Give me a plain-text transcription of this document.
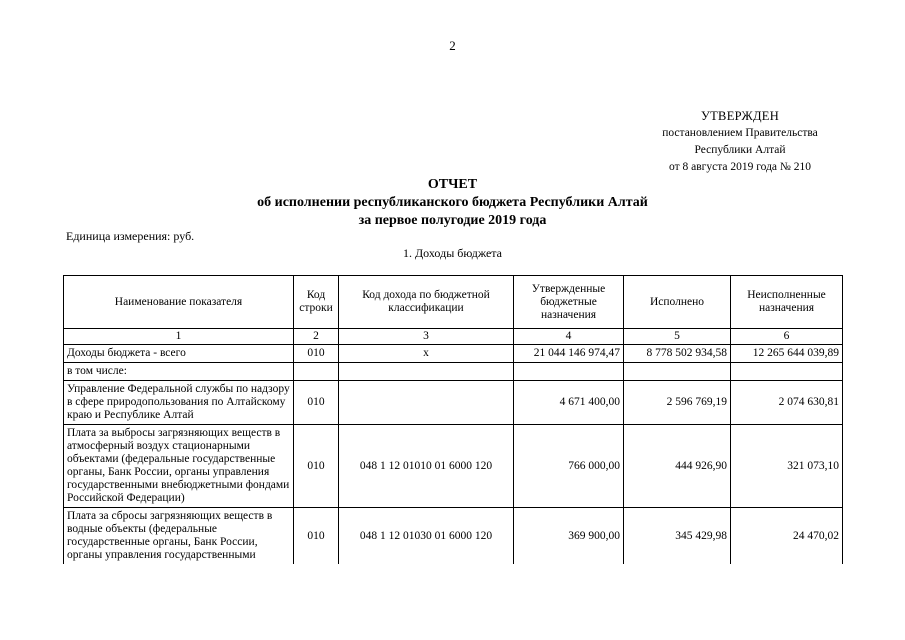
2
УТВЕРЖДЕН
постановлением Правительства
Республики Алтай
от 8 августа 2019 года № 210
ОТЧЕТ
об исполнении республиканского бюджета Республики Алтай
за первое полугодие 2019 года
Единица измерения: руб.
1. Доходы бюджета
Наименование показателя	Код строки	Код дохода по бюджетной классификации	Утвержденные бюджетные назначения	Исполнено	Неисполненные назначения
1	2	3	4	5	6
Доходы бюджета - всего	010	x	21 044 146 974,47	8 778 502 934,58	12 265 644 039,89
в том числе:					
Управление Федеральной службы по надзору в сфере природопользования по Алтайскому краю и Республике Алтай	010		4 671 400,00	2 596 769,19	2 074 630,81
Плата за выбросы загрязняющих веществ в атмосферный воздух стационарными объектами (федеральные государственные органы, Банк России, органы управления государственными внебюджетными фондами Российской Федерации)	010	048 1 12 01010 01 6000 120	766 000,00	444 926,90	321 073,10
Плата за сбросы загрязняющих веществ в водные объекты (федеральные государственные органы, Банк России, органы управления государственными	010	048 1 12 01030 01 6000 120	369 900,00	345 429,98	24 470,02
